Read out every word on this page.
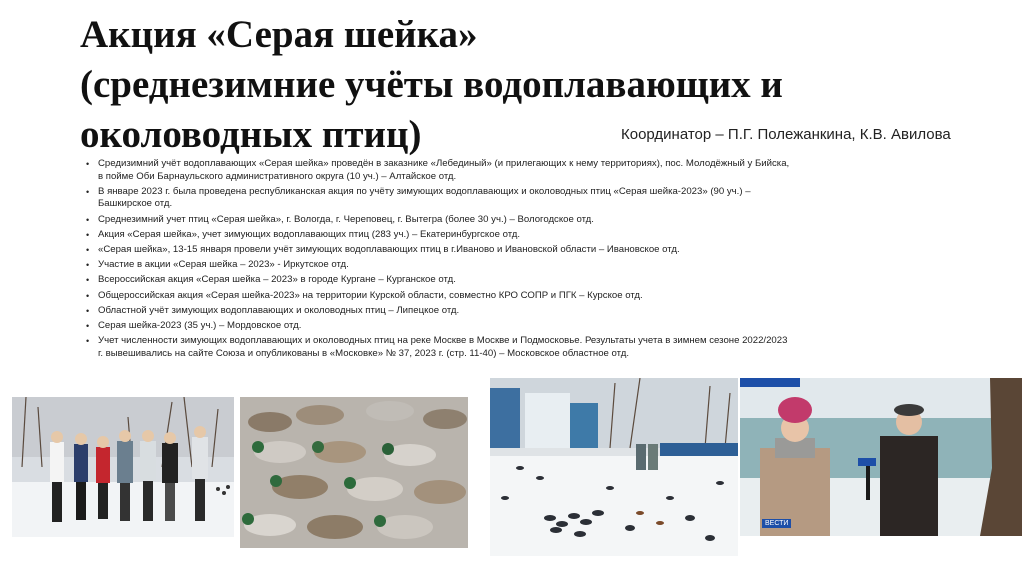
Акция «Серая шейка»
(среднезимние учёты водоплавающих и
околоводных птиц)	Координатор – П.Г. Полежанкина, К.В. Авилова
• Средизимний учёт водоплавающих «Серая шейка» проведён в заказнике «Лебединый» (и прилегающих к нему территориях), пос. Молодёжный у Бийска,
в пойме Оби Барнаульского административного округа (10 уч.) – Алтайское отд.
• В январе 2023 г. была проведена республиканская акция по учёту зимующих водоплавающих и околоводных птиц «Серая шейка-2023» (90 уч.) –
Башкирское отд.
• Среднезимний учет птиц «Серая шейка», г. Вологда, г. Череповец, г. Вытегра (более 30 уч.) – Вологодское отд.
• Акция «Серая шейка», учет зимующих водоплавающих птиц (283 уч.) – Екатеринбургское отд.
• «Серая шейка», 13-15 января провели учёт зимующих водоплавающих птиц в г.Иваново и Ивановской области – Ивановское отд.
• Участие в акции «Серая шейка – 2023» - Иркутское отд.
• Всероссийская акция «Серая шейка – 2023» в городе Кургане – Курганское отд.
• Общероссийская акция «Серая шейка-2023» на территории Курской области, совместно КРО СОПР и ПГК – Курское отд.
• Областной учёт зимующих водоплавающих и околоводных птиц – Липецкое отд.
• Серая шейка-2023 (35 уч.) – Мордовское отд.
• Учет численности зимующих водоплавающих и околоводных птиц на реке Москве в Москве и Подмосковье. Результаты учета в зимнем сезоне 2022/2023
г. вывешивались на сайте Союза и опубликованы в «Московке» № 37, 2023 г. (стр. 11-40) – Московское областное отд.
ВЕСТИ
